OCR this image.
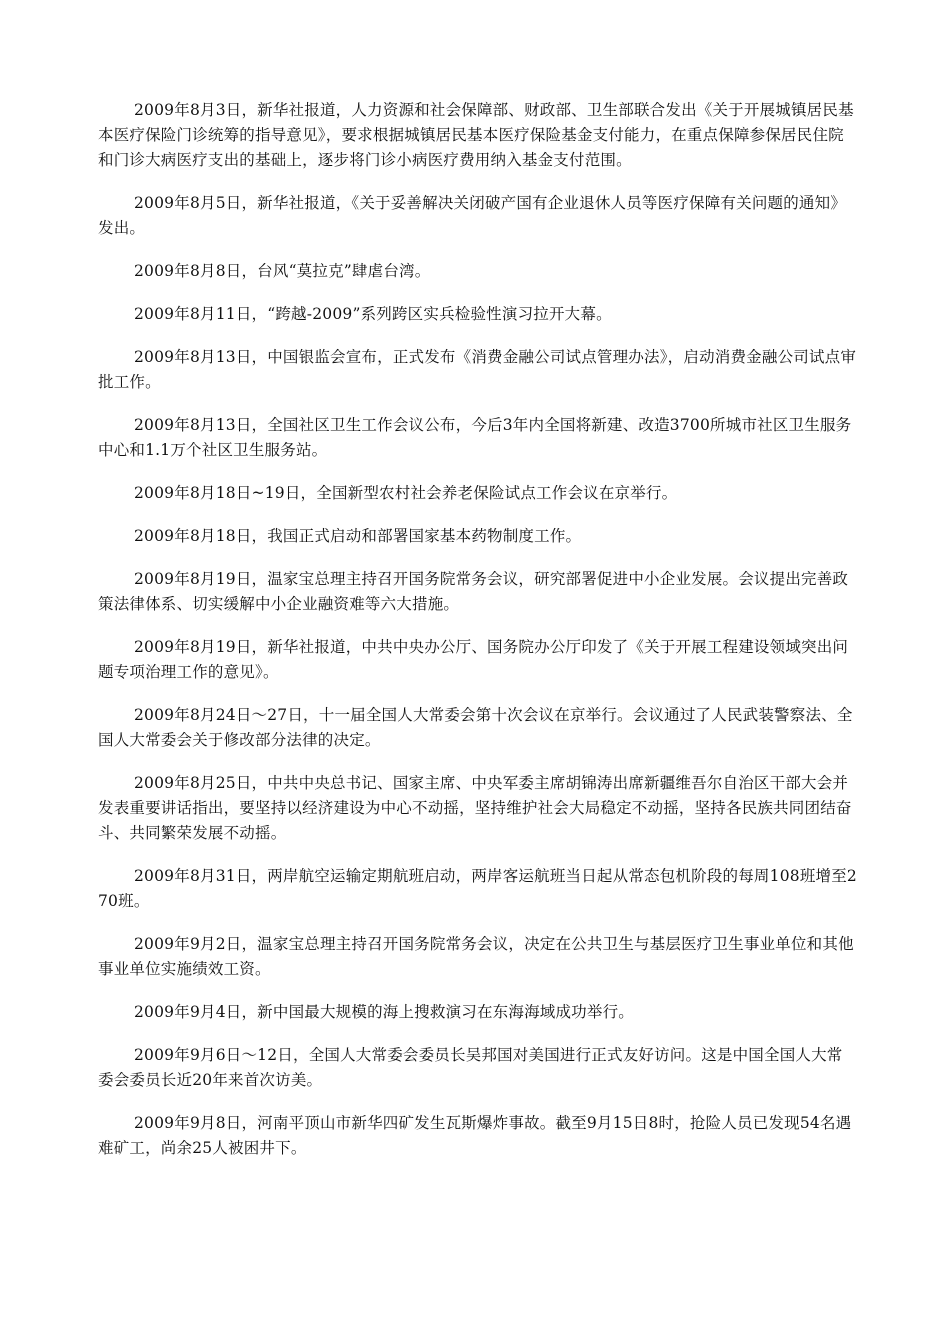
2009年8月3日，新华社报道，人力资源和社会保障部、财政部、卫生部联合发出《关于开展城镇居民基本医疗保险门诊统筹的指导意见》，要求根据城镇居民基本医疗保险基金支付能力，在重点保障参保居民住院和门诊大病医疗支出的基础上，逐步将门诊小病医疗费用纳入基金支付范围。

2009年8月5日，新华社报道，《关于妥善解决关闭破产国有企业退休人员等医疗保障有关问题的通知》发出。

2009年8月8日，台风“莫拉克”肆虐台湾。

2009年8月11日，“跨越-2009”系列跨区实兵检验性演习拉开大幕。

2009年8月13日，中国银监会宣布，正式发布《消费金融公司试点管理办法》，启动消费金融公司试点审批工作。

2009年8月13日，全国社区卫生工作会议公布，今后3年内全国将新建、改造3700所城市社区卫生服务中心和1.1万个社区卫生服务站。

2009年8月18日~19日，全国新型农村社会养老保险试点工作会议在京举行。

2009年8月18日，我国正式启动和部署国家基本药物制度工作。

2009年8月19日，温家宝总理主持召开国务院常务会议，研究部署促进中小企业发展。会议提出完善政策法律体系、切实缓解中小企业融资难等六大措施。

2009年8月19日，新华社报道，中共中央办公厅、国务院办公厅印发了《关于开展工程建设领域突出问题专项治理工作的意见》。

2009年8月24日～27日，十一届全国人大常委会第十次会议在京举行。会议通过了人民武装警察法、全国人大常委会关于修改部分法律的决定。

2009年8月25日，中共中央总书记、国家主席、中央军委主席胡锦涛出席新疆维吾尔自治区干部大会并发表重要讲话指出，要坚持以经济建设为中心不动摇，坚持维护社会大局稳定不动摇，坚持各民族共同团结奋斗、共同繁荣发展不动摇。

2009年8月31日，两岸航空运输定期航班启动，两岸客运航班当日起从常态包机阶段的每周108班增至270班。

2009年9月2日，温家宝总理主持召开国务院常务会议，决定在公共卫生与基层医疗卫生事业单位和其他事业单位实施绩效工资。

2009年9月4日，新中国最大规模的海上搜救演习在东海海域成功举行。

2009年9月6日～12日，全国人大常委会委员长吴邦国对美国进行正式友好访问。这是中国全国人大常委会委员长近20年来首次访美。

2009年9月8日，河南平顶山市新华四矿发生瓦斯爆炸事故。截至9月15日8时，抢险人员已发现54名遇难矿工，尚余25人被困井下。
